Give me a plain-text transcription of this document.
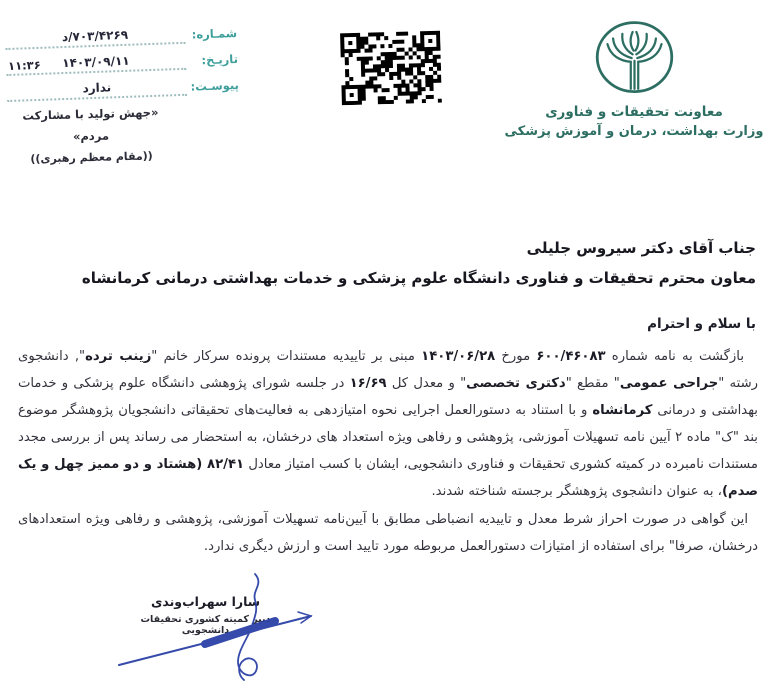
شمـاره:
۷۰۳/۴۲۶۹/د
تاریـخ:
۱۴۰۳/۰۹/۱۱
۱۱:۳۶
پیوسـت:
ندارد
«جهش تولید با مشارکت مردم»
((مقام معظم رهبری))
معاونت تحقیقات و فناوری
وزارت بهداشت، درمان و آموزش پزشکی
جناب آقای دکتر سیروس جلیلی
معاون محترم تحقیقات و فناوری دانشگاه علوم پزشکی و خدمات بهداشتی درمانی کرمانشاه
با سلام و احترام

بازگشت به نامه شماره ۶۰۰/۴۶۰۸۳ مورخ ۱۴۰۳/۰۶/۲۸ مبنی بر تاییدیه مستندات پرونده سرکار خانم "زینب ترده", دانشجوی رشته "جراحی عمومی" مقطع "دکتری تخصصی" و معدل کل ۱۶/۶۹ در جلسه شورای پژوهشی دانشگاه علوم پزشکی و خدمات بهداشتی و درمانی کرمانشاه و با استناد به دستورالعمل اجرایی نحوه امتیازدهی به فعالیت‌های تحقیقاتی دانشجویان پژوهشگر موضوع بند "ک" ماده ۲ آیین نامه تسهیلات آموزشی، پژوهشی و رفاهی ویژه استعداد های درخشان، به استحضار می رساند پس از بررسی مجدد مستندات نامبرده در کمیته کشوری تحقیقات و فناوری دانشجویی، ایشان با کسب امتیاز معادل ۸۲/۴۱ (هشتاد و دو ممیز چهل و یک صدم)، به عنوان دانشجوی پژوهشگر برجسته شناخته شدند.

این گواهی در صورت احراز شرط معدل و تاییدیه انضباطی مطابق با آیین‌نامه تسهیلات آموزشی، پژوهشی و رفاهی ویژه استعدادهای درخشان، صرفا" برای استفاده از امتیازات دستورالعمل مربوطه مورد تایید است و ارزش دیگری ندارد.

سارا سهراب‌وندی
دبیر کمیته کشوری تحقیقات دانشجویی
